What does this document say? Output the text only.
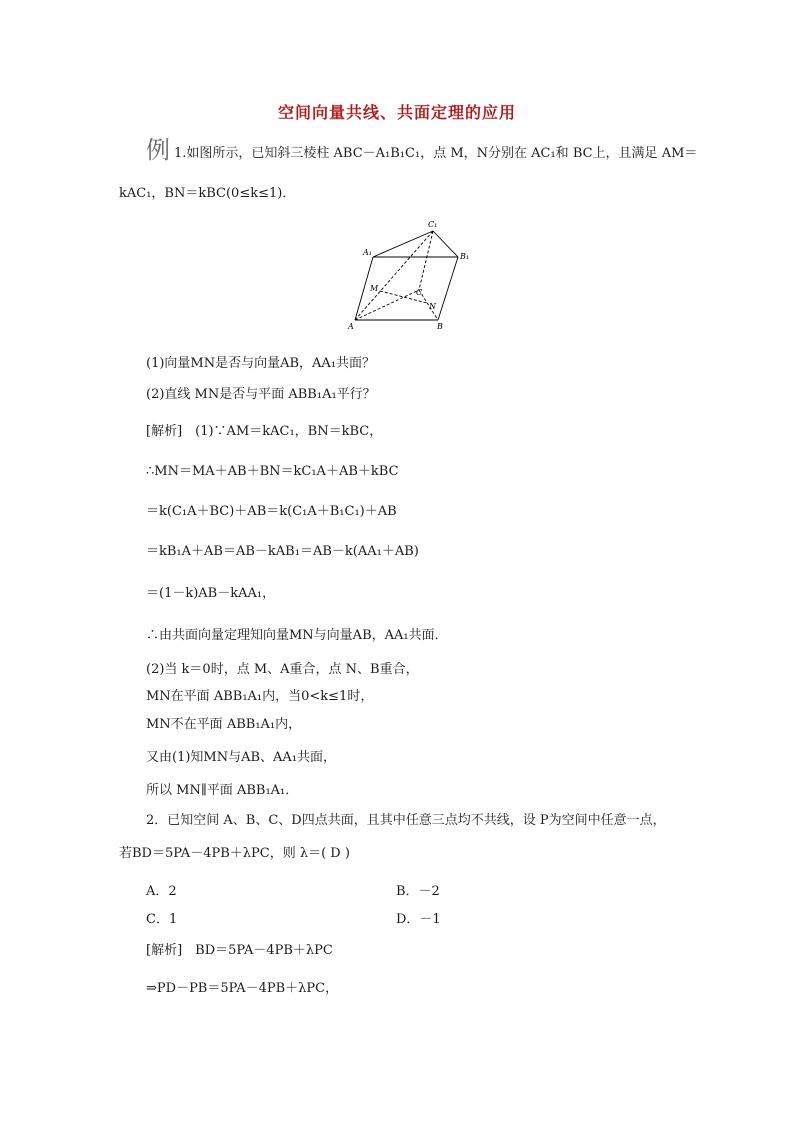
空间向量共线、共面定理的应用
例 1.如图所示，已知斜三棱柱 ABC－A₁B₁C₁，点 M，N分别在 AC₁和 BC上，且满足 AM＝
kAC₁，BN＝kBC(0≤k≤1)．
C₁
A₁	B₁
M	C
N
A	B
(1)向量MN是否与向量AB，AA₁共面？
(2)直线 MN是否与平面 ABB₁A₁平行？
[解析]　(1)∵AM＝kAC₁，BN＝kBC，
∴MN＝MA＋AB＋BN＝kC₁A＋AB＋kBC
＝k(C₁A＋BC)＋AB＝k(C₁A＋B₁C₁)＋AB
＝kB₁A＋AB＝AB－kAB₁＝AB－k(AA₁＋AB)
＝(1－k)AB－kAA₁，
∴由共面向量定理知向量MN与向量AB，AA₁共面．
(2)当 k＝0时，点 M、A重合，点 N、B重合，
MN在平面 ABB₁A₁内，当0<k≤1时，
MN不在平面 ABB₁A₁内，
又由(1)知MN与AB、AA₁共面，
所以 MN∥平面 ABB₁A₁．
2．已知空间 A、B、C、D四点共面，且其中任意三点均不共线，设 P为空间中任意一点，
若BD＝5PA－4PB＋λPC，则 λ＝( D )
A．2	B．－2
C．1	D．－1
[解析]　BD＝5PA－4PB＋λPC
⇒PD－PB＝5PA－4PB＋λPC，
